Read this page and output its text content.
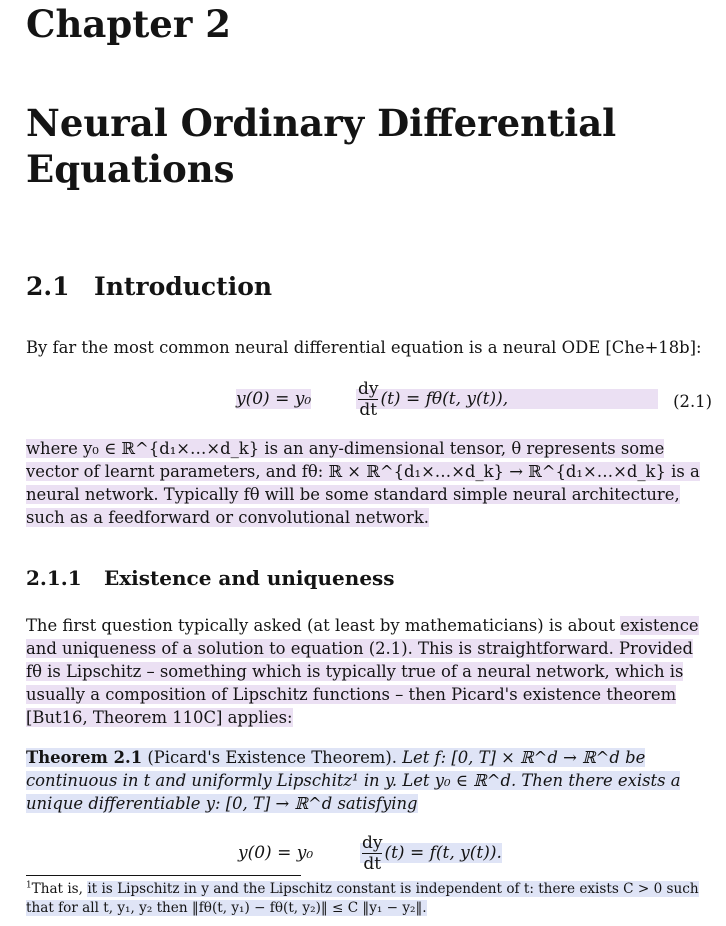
Chapter 2
Neural Ordinary Differential Equations
2.1 Introduction
By far the most common neural differential equation is a neural ODE [Che+18b]:
y(0) = y₀	$\frac{dy}{dt} (t) = f\theta(t$, y(t)),	(2.1)
where y₀ ∈ ℝ^{d₁×…×d_k} is an any-dimensional tensor, θ represents some vector of learnt parameters, and fθ: ℝ × ℝ^{d₁×…×d_k} → ℝ^{d₁×…×d_k} is a neural network. Typically fθ will be some standard simple neural architecture, such as a feedforward or convolutional network.
2.1.1 Existence and uniqueness
The first question typically asked (at least by mathematicians) is about existence and uniqueness of a solution to equation (2.1). This is straightforward. Provided fθ is Lipschitz – something which is typically true of a neural network, which is usually a composition of Lipschitz functions – then Picard's existence theorem [But16, Theorem 110C] applies:
Theorem 2.1 (Picard's Existence Theorem). Let f: [0, T] × ℝ^d → ℝ^d be continuous in t and uniformly Lipschitz¹ in y. Let y₀ ∈ ℝ^d. Then there exists a unique differentiable y: [0, T] → ℝ^d satisfying
y(0) = y₀	$\frac{dy}{dt} (t) = f(t$, y(t)).
$^1$That is, it is Lipschitz in y and the Lipschitz constant is independent of t: there exists C > 0 such that for all t, y₁, y₂ then ‖fθ(t, y₁) − fθ(t, y₂)‖ ≤ C ‖y₁ − y₂‖.
